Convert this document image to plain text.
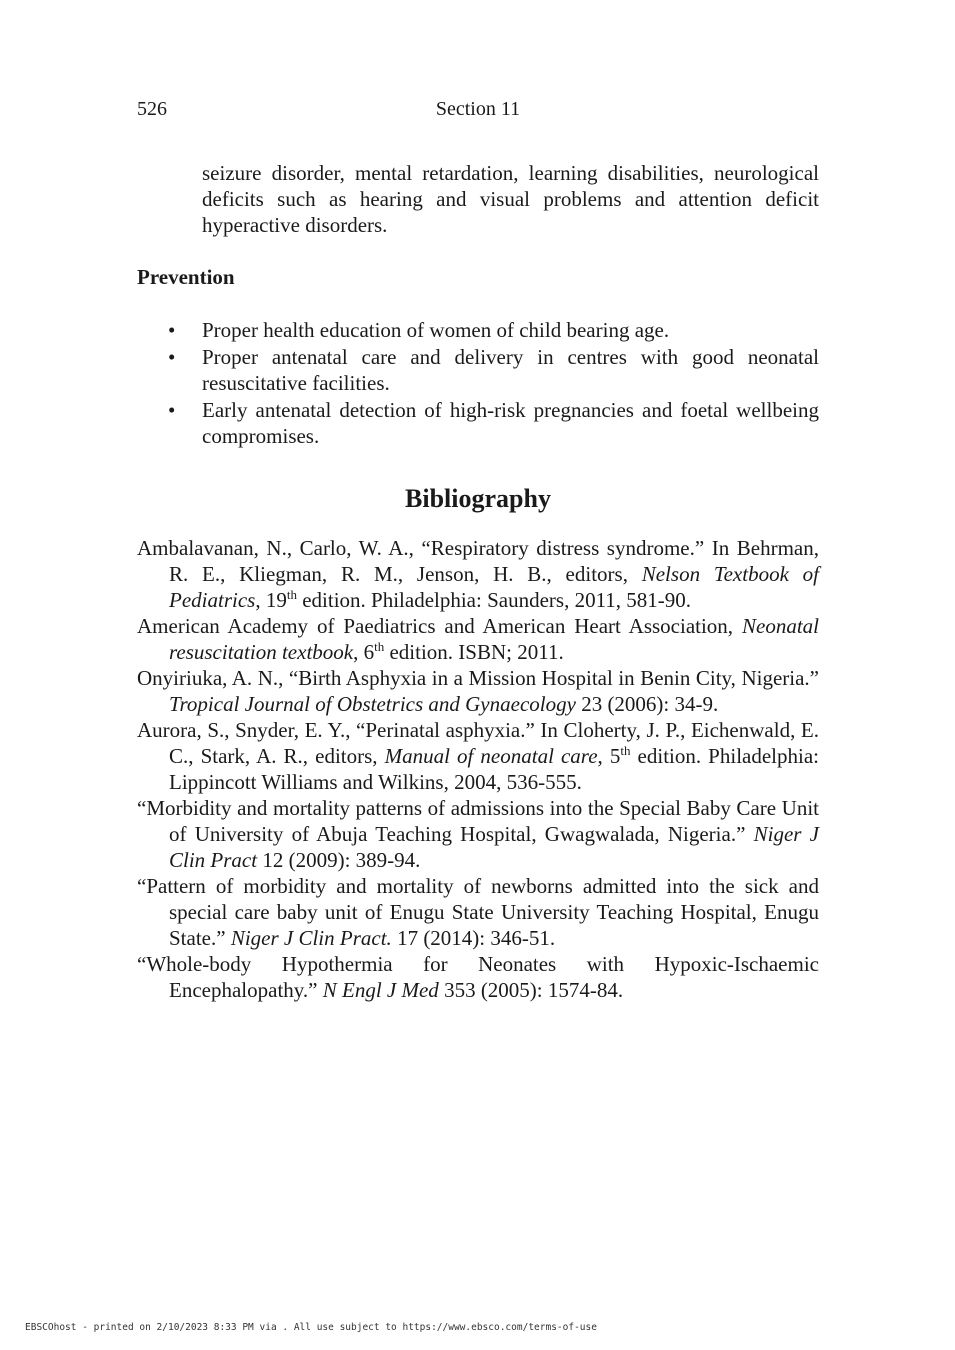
526	Section 11

seizure disorder, mental retardation, learning disabilities, neurological deficits such as hearing and visual problems and attention deficit hyperactive disorders.

Prevention
• Proper health education of women of child bearing age.
• Proper antenatal care and delivery in centres with good neonatal resuscitative facilities.
• Early antenatal detection of high-risk pregnancies and foetal wellbeing compromises.
Bibliography

Ambalavanan, N., Carlo, W. A., “Respiratory distress syndrome.” In Behrman, R. E., Kliegman, R. M., Jenson, H. B., editors, Nelson Textbook of Pediatrics, 19th edition. Philadelphia: Saunders, 2011, 581-90.

American Academy of Paediatrics and American Heart Association, Neonatal resuscitation textbook, 6th edition. ISBN; 2011.

Onyiriuka, A. N., “Birth Asphyxia in a Mission Hospital in Benin City, Nigeria.” Tropical Journal of Obstetrics and Gynaecology 23 (2006): 34-9.

Aurora, S., Snyder, E. Y., “Perinatal asphyxia.” In Cloherty, J. P., Eichenwald, E. C., Stark, A. R., editors, Manual of neonatal care, 5th edition. Philadelphia: Lippincott Williams and Wilkins, 2004, 536-555.

“Morbidity and mortality patterns of admissions into the Special Baby Care Unit of University of Abuja Teaching Hospital, Gwagwalada, Nigeria.” Niger J Clin Pract 12 (2009): 389-94.

“Pattern of morbidity and mortality of newborns admitted into the sick and special care baby unit of Enugu State University Teaching Hospital, Enugu State.” Niger J Clin Pract. 17 (2014): 346-51.

“Whole-body Hypothermia for Neonates with Hypoxic-Ischaemic Encephalopathy.” N Engl J Med 353 (2005): 1574-84.

EBSCOhost - printed on 2/10/2023 8:33 PM via . All use subject to https://www.ebsco.com/terms-of-use
